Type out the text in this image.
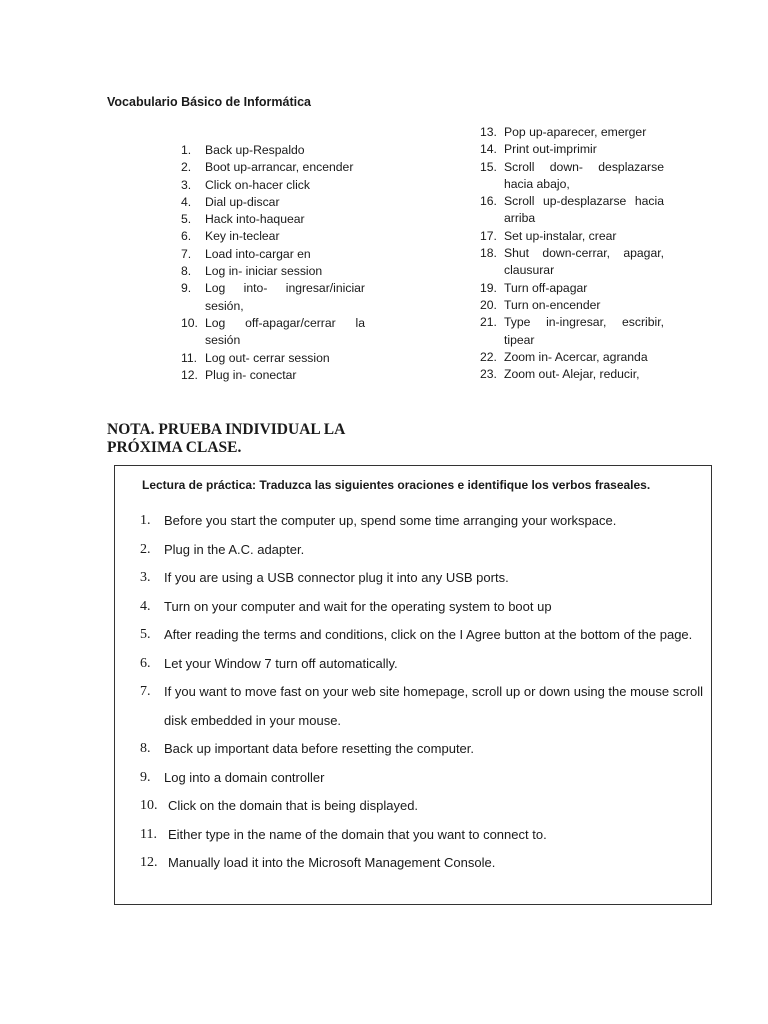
Vocabulario Básico de Informática
1.	Back up-Respaldo
2.	Boot up-arrancar, encender
3.	Click on-hacer click
4.	Dial up-discar
5.	Hack into-haquear
6.	Key in-teclear
7.	Load into-cargar en
8.	Log in- iniciar session
9.	Log into- ingresar/iniciar sesión,
10. Log off-apagar/cerrar la sesión
11. Log out- cerrar session
12. Plug in- conectar
13. Pop up-aparecer, emerger
14. Print out-imprimir
15. Scroll down- desplazarse hacia abajo,
16. Scroll up-desplazarse hacia arriba
17. Set up-instalar, crear
18. Shut down-cerrar, apagar, clausurar
19. Turn off-apagar
20. Turn on-encender
21. Type in-ingresar, escribir, tipear
22. Zoom in- Acercar, agranda
23. Zoom out- Alejar, reducir,
NOTA. PRUEBA INDIVIDUAL LA PRÓXIMA CLASE.
Lectura de práctica: Traduzca las siguientes oraciones e identifique los verbos fraseales.
1. Before you start the computer up, spend some time arranging your workspace.
2. Plug in the A.C. adapter.
3. If you are using a USB connector plug it into any USB ports.
4. Turn on your computer and wait for the operating system to boot up
5. After reading the terms and conditions, click on the I Agree button at the bottom of the page.
6. Let your Window 7 turn off automatically.
7. If you want to move fast on your web site homepage, scroll up or down using the mouse scroll disk embedded in your mouse.
8. Back up important data before resetting the computer.
9. Log into a domain controller
10. Click on the domain that is being displayed.
11. Either type in the name of the domain that you want to connect to.
12. Manually load it into the Microsoft Management Console.
